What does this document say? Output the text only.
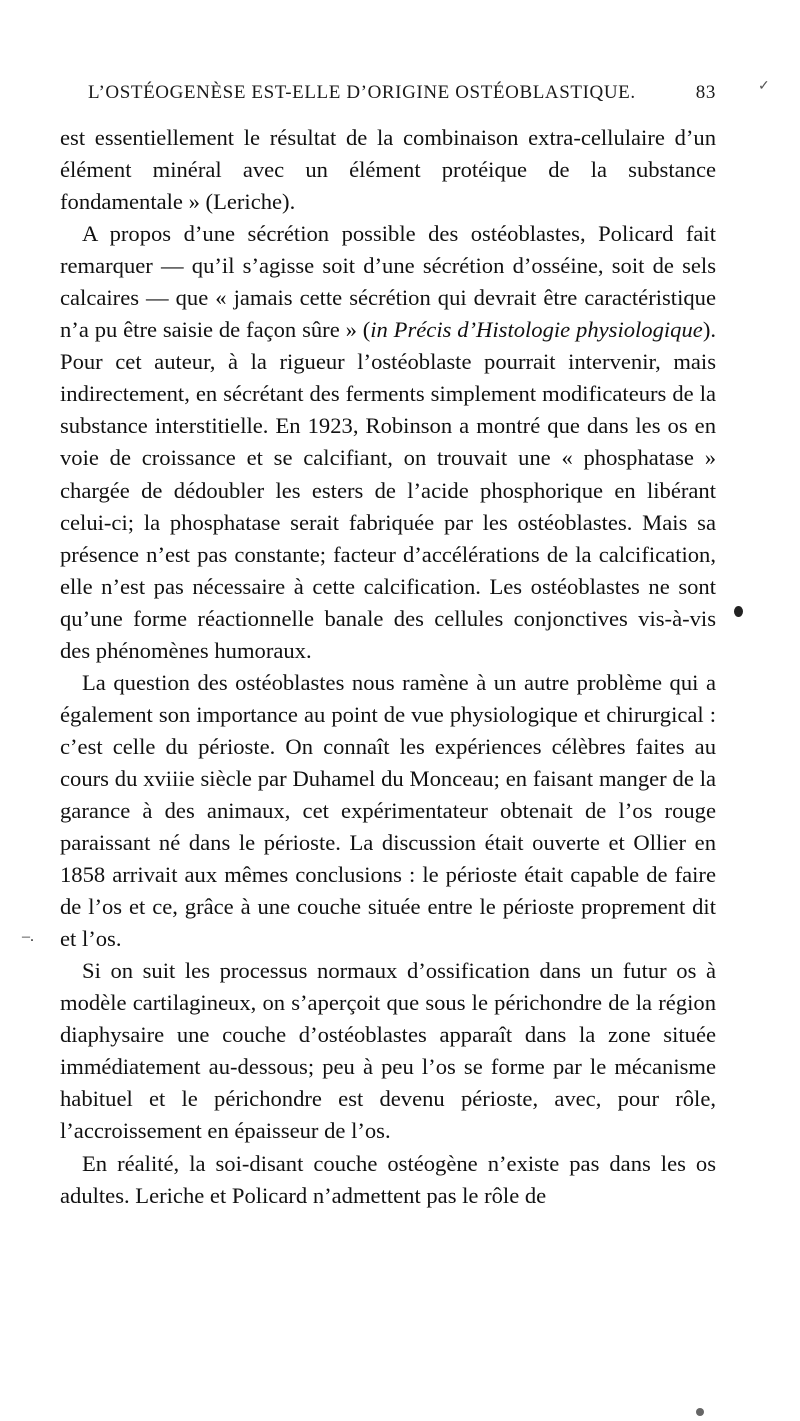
L’OSTÉOGENÈSE EST-ELLE D’ORIGINE OSTÉOBLASTIQUE.	83	✓

est essentiellement le résultat de la combinaison extra-cellulaire d’un élément minéral avec un élément protéique de la substance fondamentale » (Leriche).

A propos d’une sécrétion possible des ostéoblastes, Policard fait remarquer — qu’il s’agisse soit d’une sécrétion d’osséine, soit de sels calcaires — que « jamais cette sécrétion qui devrait être caractéristique n’a pu être saisie de façon sûre » (in Précis d’Histologie physiologique). Pour cet auteur, à la rigueur l’ostéoblaste pourrait intervenir, mais indirectement, en sécrétant des ferments simplement modificateurs de la substance interstitielle. En 1923, Robinson a montré que dans les os en voie de croissance et se calcifiant, on trouvait une « phosphatase » chargée de dédoubler les esters de l’acide phosphorique en libérant celui-ci; la phosphatase serait fabriquée par les ostéoblastes. Mais sa présence n’est pas constante; facteur d’accélérations de la calcification, elle n’est pas nécessaire à cette calcification. Les ostéoblastes ne sont qu’une forme réactionnelle banale des cellules conjonctives vis-à-vis des phénomènes humoraux.

La question des ostéoblastes nous ramène à un autre problème qui a également son importance au point de vue physiologique et chirurgical : c’est celle du périoste. On connaît les expériences célèbres faites au cours du xviiie siècle par Duhamel du Monceau; en faisant manger de la garance à des animaux, cet expérimentateur obtenait de l’os rouge paraissant né dans le périoste. La discussion était ouverte et Ollier en 1858 arrivait aux mêmes conclusions : le périoste était capable de faire de l’os et ce, grâce à une couche située entre le périoste proprement dit et l’os.

Si on suit les processus normaux d’ossification dans un futur os à modèle cartilagineux, on s’aperçoit que sous le périchondre de la région diaphysaire une couche d’ostéoblastes apparaît dans la zone située immédiatement au-dessous; peu à peu l’os se forme par le mécanisme habituel et le périchondre est devenu périoste, avec, pour rôle, l’accroissement en épaisseur de l’os.

En réalité, la soi-disant couche ostéogène n’existe pas dans les os adultes. Leriche et Policard n’admettent pas le rôle de

–.
